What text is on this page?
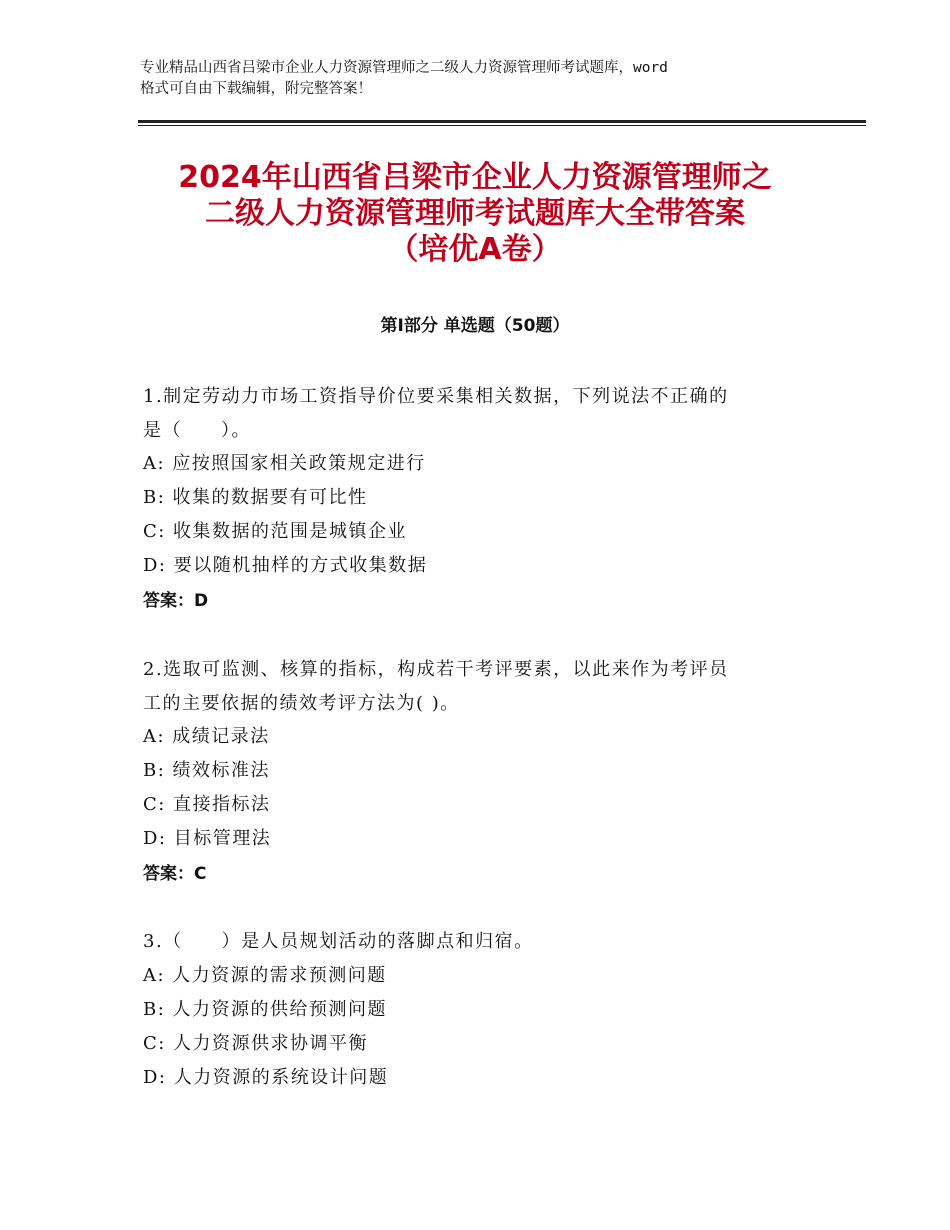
专业精品山西省吕梁市企业人力资源管理师之二级人力资源管理师考试题库，word
格式可自由下载编辑，附完整答案！
2024年山西省吕梁市企业人力资源管理师之
二级人力资源管理师考试题库大全带答案
（培优A卷）
第Ⅰ部分 单选题（50题）
1.制定劳动力市场工资指导价位要采集相关数据，下列说法不正确的
是（　　）。
A: 应按照国家相关政策规定进行
B: 收集的数据要有可比性
C: 收集数据的范围是城镇企业
D: 要以随机抽样的方式收集数据
答案：D
2.选取可监测、核算的指标，构成若干考评要素，以此来作为考评员
工的主要依据的绩效考评方法为( )。
A: 成绩记录法
B: 绩效标准法
C: 直接指标法
D: 目标管理法
答案：C
3.（　　）是人员规划活动的落脚点和归宿。
A: 人力资源的需求预测问题
B: 人力资源的供给预测问题
C: 人力资源供求协调平衡
D: 人力资源的系统设计问题
